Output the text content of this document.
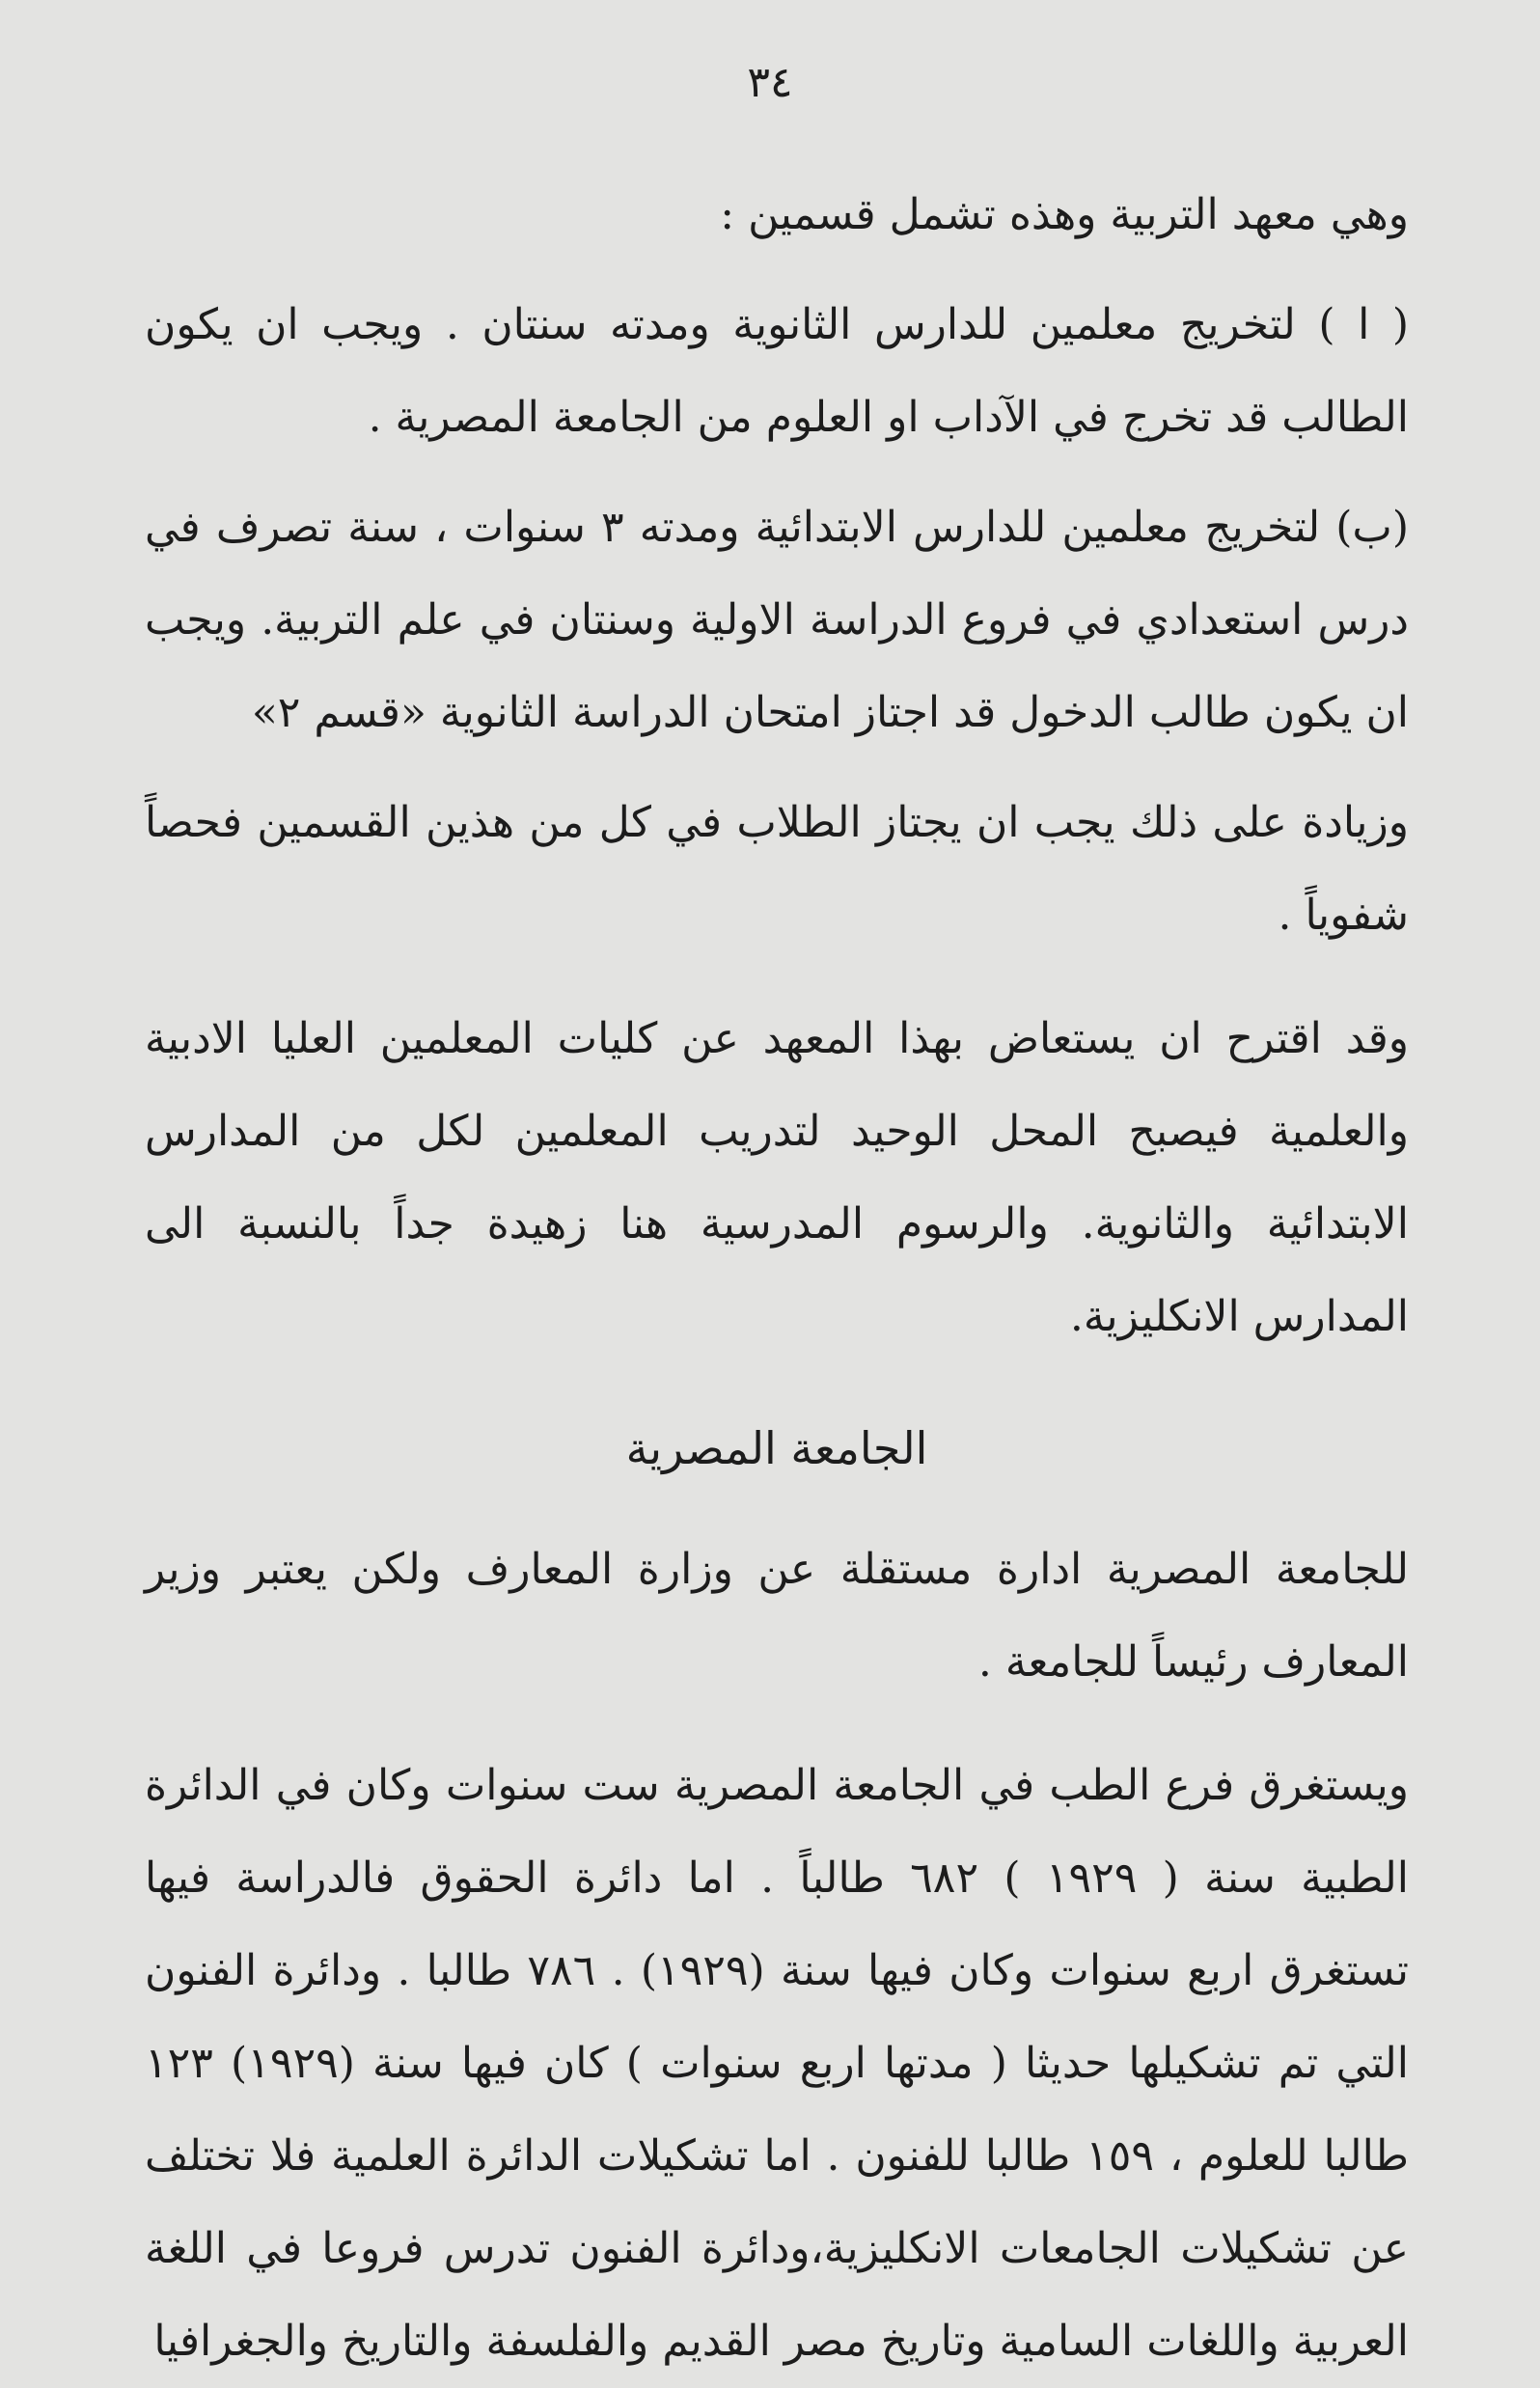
٣٤

وهي معهد التربية وهذه تشمل قسمين :

( ا ) لتخريج معلمين للدارس الثانوية ومدته سنتان . ويجب ان يكون الطالب قد تخرج في الآداب او العلوم من الجامعة المصرية .

(ب) لتخريج معلمين للدارس الابتدائية ومدته ٣ سنوات ، سنة تصرف في درس استعدادي في فروع الدراسة الاولية وسنتان في علم التربية. ويجب ان يكون طالب الدخول قد اجتاز امتحان الدراسة الثانوية «قسم ٢»

وزيادة على ذلك يجب ان يجتاز الطلاب في كل من هذين القسمين فحصاً شفوياً .

وقد اقترح ان يستعاض بهذا المعهد عن كليات المعلمين العليا الادبية والعلمية فيصبح المحل الوحيد لتدريب المعلمين لكل من المدارس الابتدائية والثانوية. والرسوم المدرسية هنا زهيدة جداً بالنسبة الى المدارس الانكليزية.

الجامعة المصرية

للجامعة المصرية ادارة مستقلة عن وزارة المعارف ولكن يعتبر وزير المعارف رئيساً للجامعة .

ويستغرق فرع الطب في الجامعة المصرية ست سنوات وكان في الدائرة الطبية سنة ( ١٩٢٩ ) ٦٨٢ طالباً . اما دائرة الحقوق فالدراسة فيها تستغرق اربع سنوات وكان فيها سنة (١٩٢٩) . ٧٨٦ طالبا . ودائرة الفنون التي تم تشكيلها حديثا ( مدتها اربع سنوات ) كان فيها سنة (١٩٢٩) ١٢٣ طالبا للعلوم ، ١٥٩ طالبا للفنون . اما تشكيلات الدائرة العلمية فلا تختلف عن تشكيلات الجامعات الانكليزية،ودائرة الفنون تدرس فروعا في اللغة العربية واللغات السامية وتاريخ مصر القديم والفلسفة والتاريخ والجغرافيا
